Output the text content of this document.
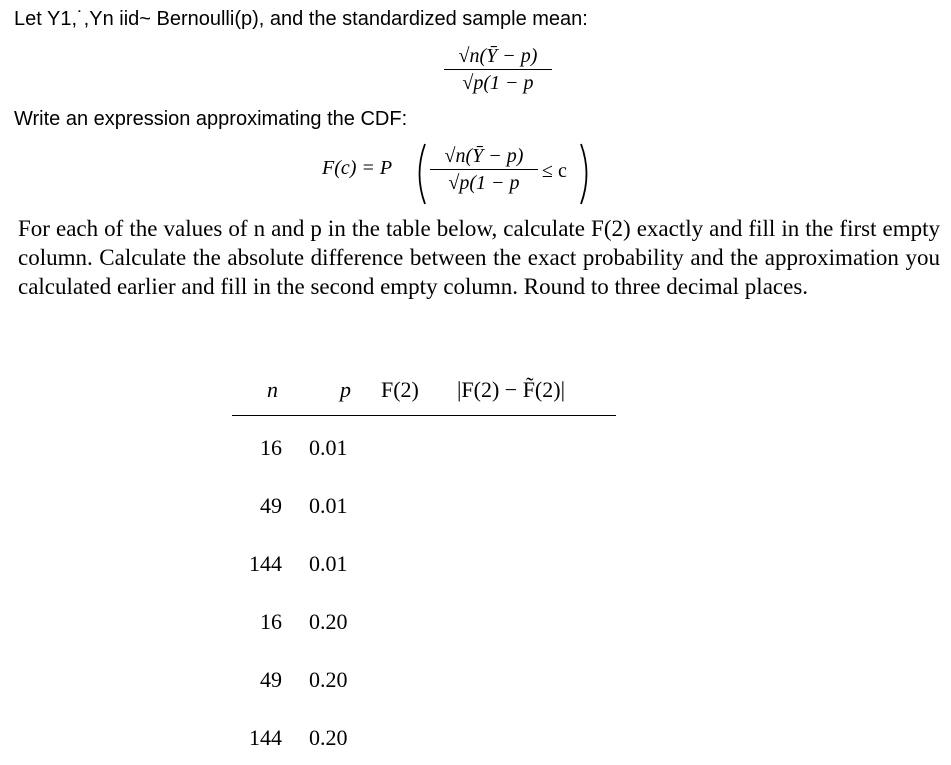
Let Y1,˙,Yn iid~ Bernoulli(p), and the standardized sample mean:
√n(Ȳ − p)
√p(1 − p
Write an expression approximating the CDF:
F(c) = P
√n(Ȳ − p)
√p(1 − p
≤ c
For each of the values of n and p in the table below, calculate F(2) exactly and fill in the first empty column. Calculate the absolute difference between the exact probability and the approximation you calculated earlier and fill in the second empty column. Round to three decimal places.
n	p F(2) |F(2) − F̃(2)|
16 0.01
49 0.01
144 0.01
16 0.20
49 0.20
144 0.20
